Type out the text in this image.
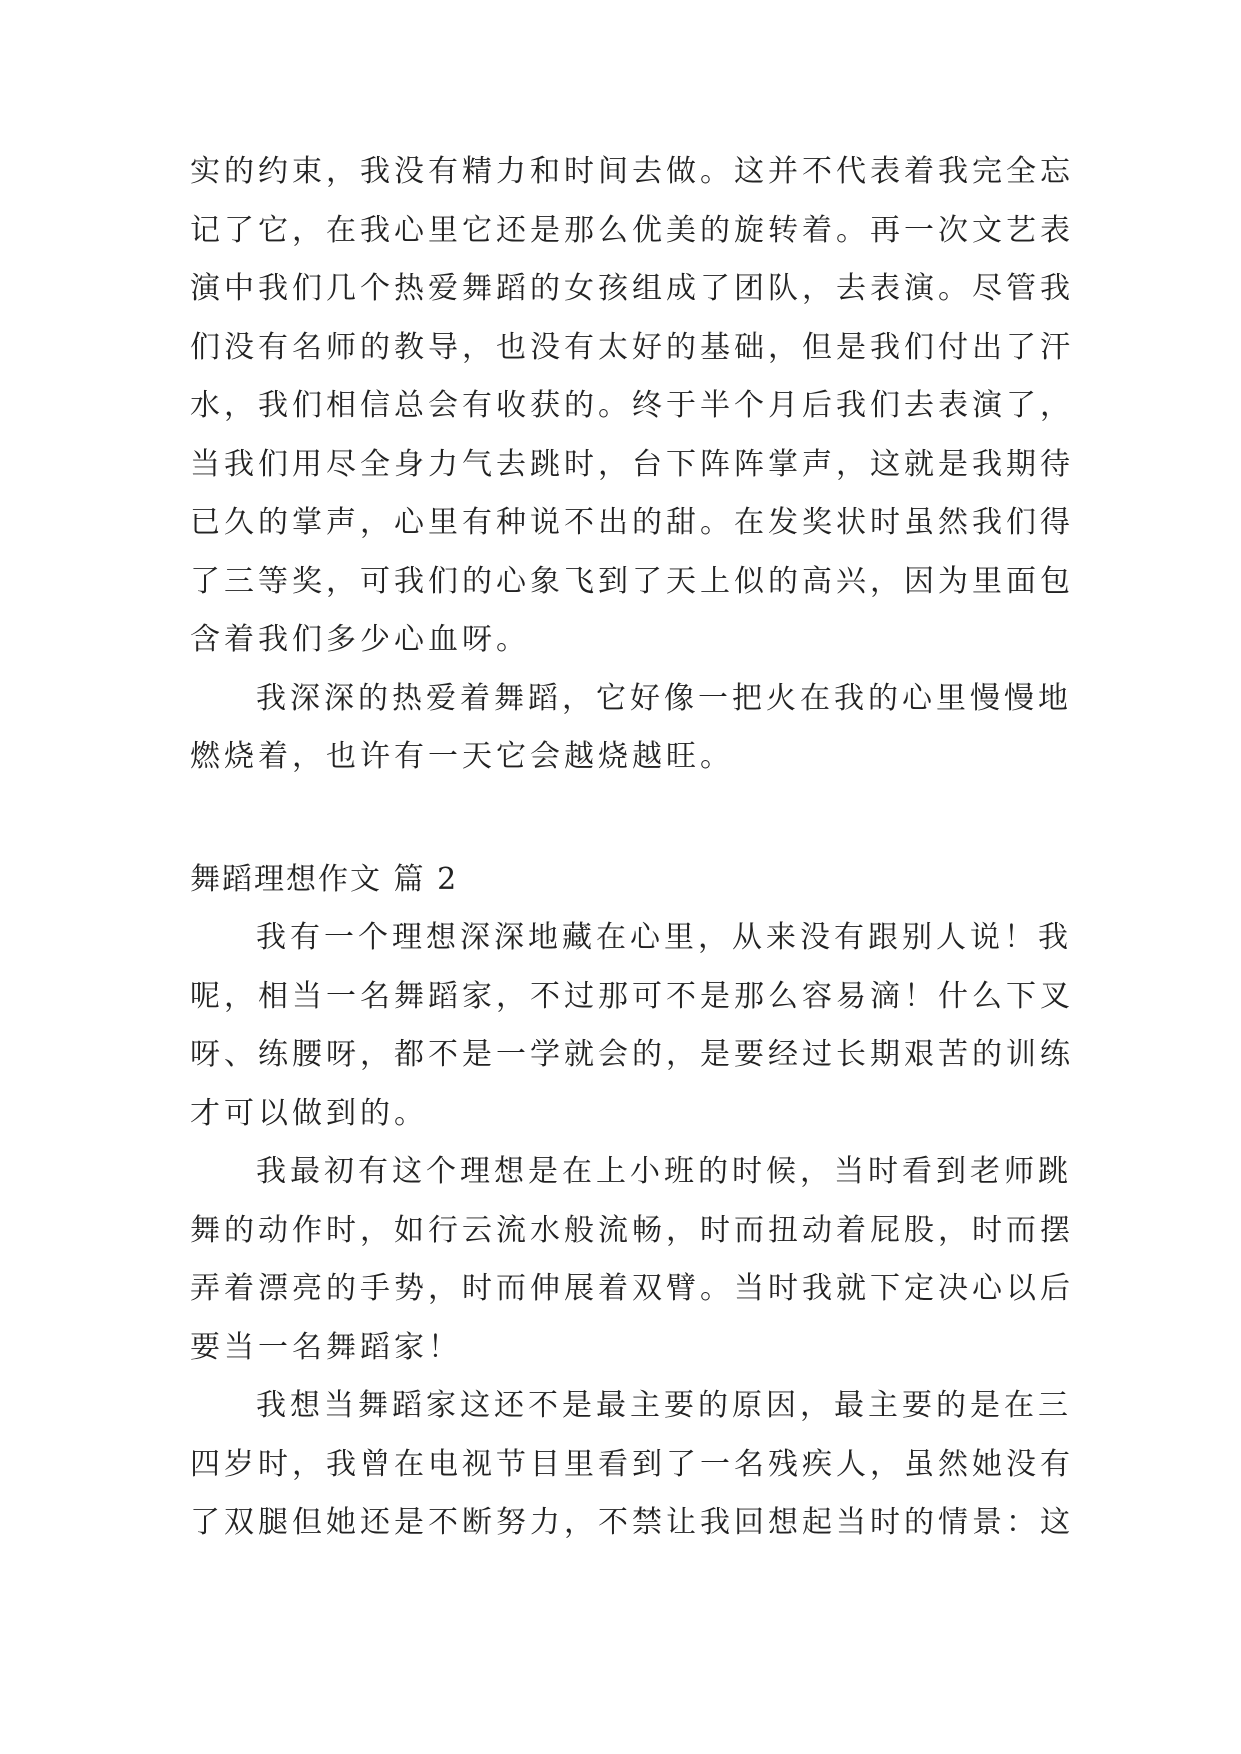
实的约束，我没有精力和时间去做。这并不代表着我完全忘
记了它，在我心里它还是那么优美的旋转着。再一次文艺表
演中我们几个热爱舞蹈的女孩组成了团队，去表演。尽管我
们没有名师的教导，也没有太好的基础，但是我们付出了汗
水，我们相信总会有收获的。终于半个月后我们去表演了，
当我们用尽全身力气去跳时，台下阵阵掌声，这就是我期待
已久的掌声，心里有种说不出的甜。在发奖状时虽然我们得
了三等奖，可我们的心象飞到了天上似的高兴，因为里面包
含着我们多少心血呀。
我深深的热爱着舞蹈，它好像一把火在我的心里慢慢地
燃烧着，也许有一天它会越烧越旺。
舞蹈理想作文 篇 2
我有一个理想深深地藏在心里，从来没有跟别人说！我
呢，相当一名舞蹈家，不过那可不是那么容易滴！什么下叉
呀、练腰呀，都不是一学就会的，是要经过长期艰苦的训练
才可以做到的。
我最初有这个理想是在上小班的时候，当时看到老师跳
舞的动作时，如行云流水般流畅，时而扭动着屁股，时而摆
弄着漂亮的手势，时而伸展着双臂。当时我就下定决心以后
要当一名舞蹈家！
我想当舞蹈家这还不是最主要的原因，最主要的是在三
四岁时，我曾在电视节目里看到了一名残疾人，虽然她没有
了双腿但她还是不断努力，不禁让我回想起当时的情景：这
